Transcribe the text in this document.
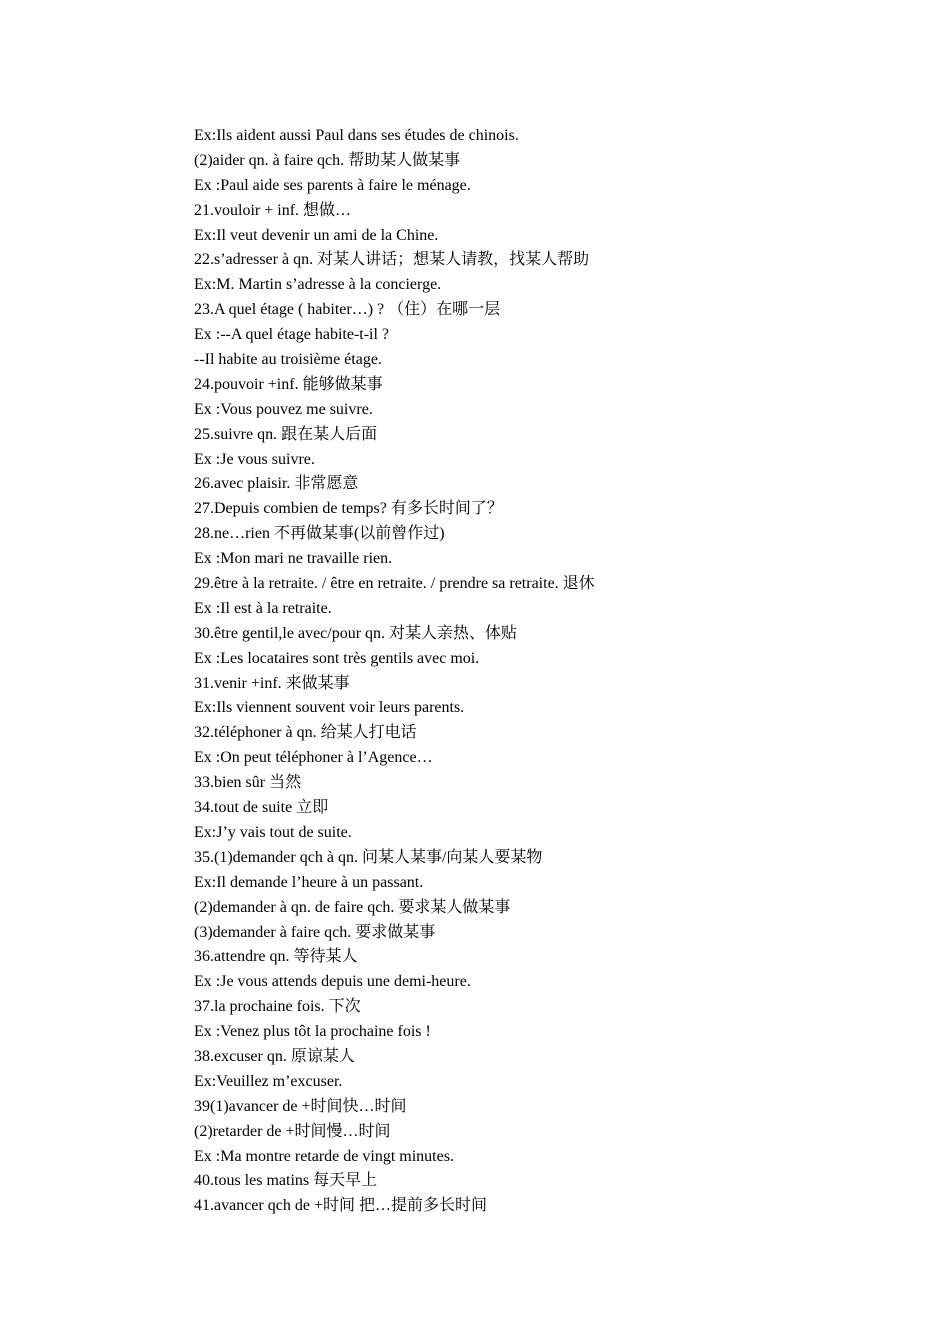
Ex:Ils aident aussi Paul dans ses études de chinois.
(2)aider qn. à faire qch. 帮助某人做某事
Ex :Paul aide ses parents à faire le ménage.
21.vouloir + inf. 想做…
Ex:Il veut devenir un ami de la Chine.
22.s’adresser à qn. 对某人讲话；想某人请教，找某人帮助
Ex:M. Martin s’adresse à la concierge.
23.A quel étage ( habiter…) ? （住）在哪一层
Ex :--A quel étage habite-t-il ?
--Il habite au troisième étage.
24.pouvoir +inf. 能够做某事
Ex :Vous pouvez me suivre.
25.suivre qn. 跟在某人后面
Ex :Je vous suivre.
26.avec plaisir. 非常愿意
27.Depuis combien de temps? 有多长时间了？
28.ne…rien 不再做某事(以前曾作过)
Ex :Mon mari ne travaille rien.
29.être à la retraite. / être en retraite. / prendre sa retraite. 退休
Ex :Il est à la retraite.
30.être gentil,le avec/pour qn. 对某人亲热、体贴
Ex :Les locataires sont très gentils avec moi.
31.venir +inf. 来做某事
Ex:Ils viennent souvent voir leurs parents.
32.téléphoner à qn. 给某人打电话
Ex :On peut téléphoner à l’Agence…
33.bien sûr 当然
34.tout de suite 立即
Ex:J’y vais tout de suite.
35.(1)demander qch à qn. 问某人某事/向某人要某物
Ex:Il demande l’heure à un passant.
(2)demander à qn. de faire qch. 要求某人做某事
(3)demander à faire qch. 要求做某事
36.attendre qn. 等待某人
Ex :Je vous attends depuis une demi-heure.
37.la prochaine fois. 下次
Ex :Venez plus tôt la prochaine fois !
38.excuser qn. 原谅某人
Ex:Veuillez m’excuser.
39(1)avancer de +时间快…时间
(2)retarder de +时间慢…时间
Ex :Ma montre retarde de vingt minutes.
40.tous les matins 每天早上
41.avancer qch de +时间 把…提前多长时间
